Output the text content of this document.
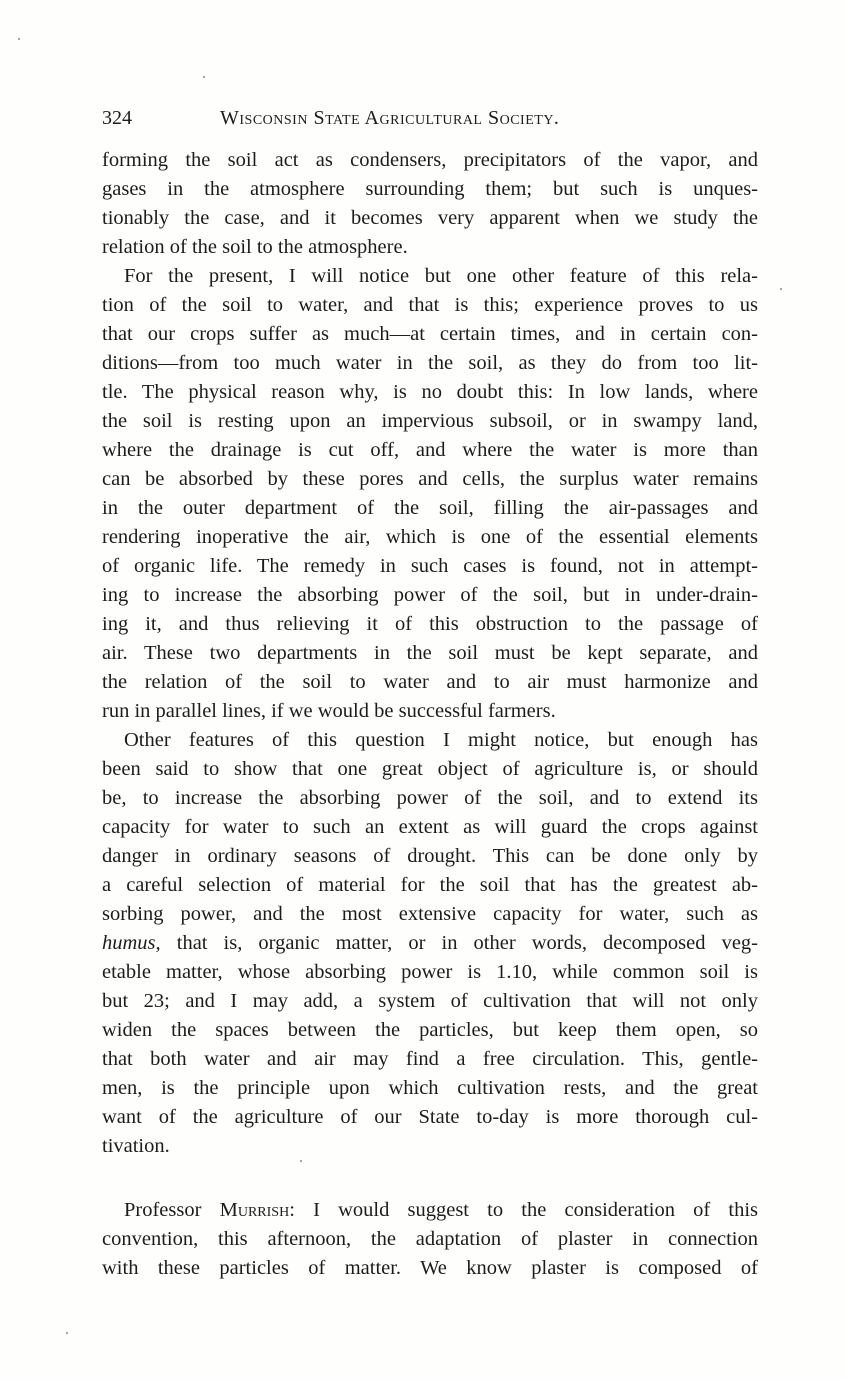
324	Wisconsin State Agricultural Society.
forming the soil act as condensers, precipitators of the vapor, and
gases in the atmosphere surrounding them; but such is unques-
tionably the case, and it becomes very apparent when we study the
relation of the soil to the atmosphere.
For the present, I will notice but one other feature of this rela-
tion of the soil to water, and that is this; experience proves to us
that our crops suffer as much—at certain times, and in certain con-
ditions—from too much water in the soil, as they do from too lit-
tle. The physical reason why, is no doubt this: In low lands, where
the soil is resting upon an impervious subsoil, or in swampy land,
where the drainage is cut off, and where the water is more than
can be absorbed by these pores and cells, the surplus water remains
in the outer department of the soil, filling the air-passages and
rendering inoperative the air, which is one of the essential elements
of organic life. The remedy in such cases is found, not in attempt-
ing to increase the absorbing power of the soil, but in under-drain-
ing it, and thus relieving it of this obstruction to the passage of
air. These two departments in the soil must be kept separate, and
the relation of the soil to water and to air must harmonize and
run in parallel lines, if we would be successful farmers.
Other features of this question I might notice, but enough has
been said to show that one great object of agriculture is, or should
be, to increase the absorbing power of the soil, and to extend its
capacity for water to such an extent as will guard the crops against
danger in ordinary seasons of drought. This can be done only by
a careful selection of material for the soil that has the greatest ab-
sorbing power, and the most extensive capacity for water, such as
humus, that is, organic matter, or in other words, decomposed veg-
etable matter, whose absorbing power is 1.10, while common soil is
but 23; and I may add, a system of cultivation that will not only
widen the spaces between the particles, but keep them open, so
that both water and air may find a free circulation. This, gentle-
men, is the principle upon which cultivation rests, and the great
want of the agriculture of our State to-day is more thorough cul-
tivation.
Professor Murrish: I would suggest to the consideration of this
convention, this afternoon, the adaptation of plaster in connection
with these particles of matter. We know plaster is composed of
